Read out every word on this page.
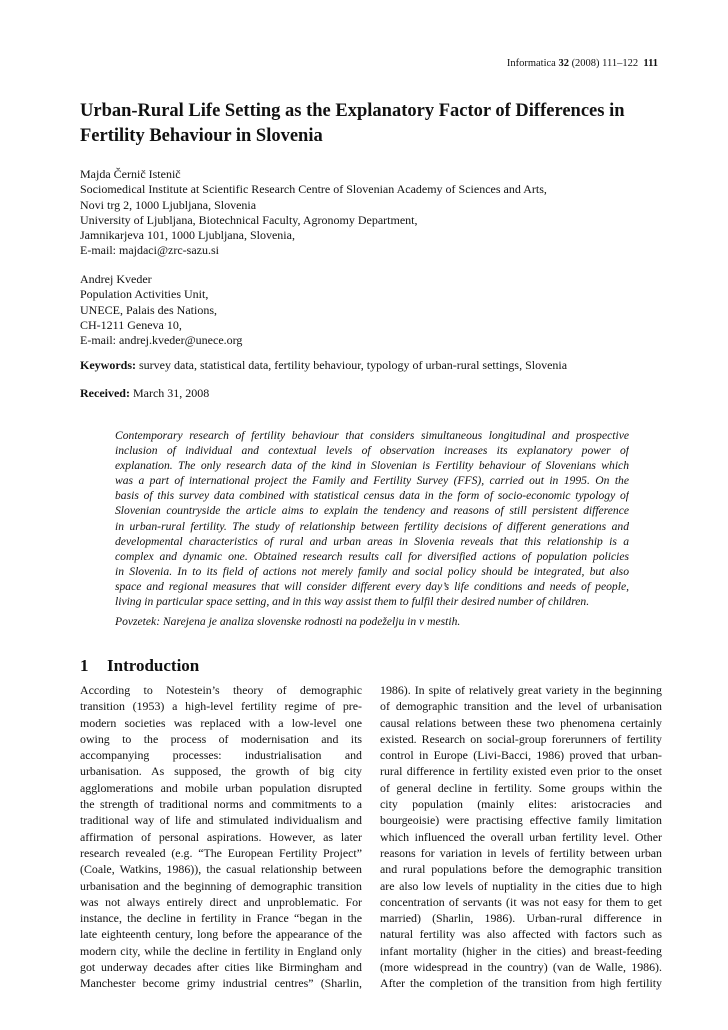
Informatica 32 (2008) 111–122 111
Urban-Rural Life Setting as the Explanatory Factor of Differences in
Fertility Behaviour in Slovenia
Majda Černič Istenič
Sociomedical Institute at Scientific Research Centre of Slovenian Academy of Sciences and Arts,
Novi trg 2, 1000 Ljubljana, Slovenia
University of Ljubljana, Biotechnical Faculty, Agronomy Department,
Jamnikarjeva 101, 1000 Ljubljana, Slovenia,
E-mail: majdaci@zrc-sazu.si
Andrej Kveder
Population Activities Unit,
UNECE, Palais des Nations,
CH-1211 Geneva 10,
E-mail: andrej.kveder@unece.org
Keywords: survey data, statistical data, fertility behaviour, typology of urban-rural settings, Slovenia
Received: March 31, 2008
Contemporary research of fertility behaviour that considers simultaneous longitudinal and prospective
inclusion of individual and contextual levels of observation increases its explanatory power of
explanation. The only research data of the kind in Slovenian is Fertility behaviour of Slovenians which
was a part of international project the Family and Fertility Survey (FFS), carried out in 1995. On the
basis of this survey data combined with statistical census data in the form of socio-economic typology of
Slovenian countryside the article aims to explain the tendency and reasons of still persistent difference
in urban-rural fertility. The study of relationship between fertility decisions of different generations and
developmental characteristics of rural and urban areas in Slovenia reveals that this relationship is a
complex and dynamic one. Obtained research results call for diversified actions of population policies
in Slovenia. In to its field of actions not merely family and social policy should be integrated, but also
space and regional measures that will consider different every day’s life conditions and needs of people,
living in particular space setting, and in this way assist them to fulfil their desired number of children.
Povzetek: Narejena je analiza slovenske rodnosti na podeželju in v mestih.
1 Introduction
According to Notestein’s theory of demographic
transition (1953) a high-level fertility regime of pre-
modern societies was replaced with a low-level one
owing to the process of modernisation and its
accompanying processes: industrialisation and
urbanisation. As supposed, the growth of big city
agglomerations and mobile urban population disrupted
the strength of traditional norms and commitments to a
traditional way of life and stimulated individualism and
affirmation of personal aspirations. However, as later
research revealed (e.g. “The European Fertility Project”
(Coale, Watkins, 1986)), the casual relationship between
urbanisation and the beginning of demographic transition
was not always entirely direct and unproblematic. For
instance, the decline in fertility in France “began in the
late eighteenth century, long before the appearance of the
modern city, while the decline in fertility in England only
got underway decades after cities like Birmingham and
Manchester become grimy industrial centres” (Sharlin,
1986). In spite of relatively great variety in the beginning
of demographic transition and the level of urbanisation
causal relations between these two phenomena certainly
existed. Research on social-group forerunners of fertility
control in Europe (Livi-Bacci, 1986) proved that urban-
rural difference in fertility existed even prior to the onset
of general decline in fertility. Some groups within the
city population (mainly elites: aristocracies and
bourgeoisie) were practising effective family limitation
which influenced the overall urban fertility level. Other
reasons for variation in levels of fertility between urban
and rural populations before the demographic transition
are also low levels of nuptiality in the cities due to high
concentration of servants (it was not easy for them to get
married) (Sharlin, 1986). Urban-rural difference in
natural fertility was also affected with factors such as
infant mortality (higher in the cities) and breast-feeding
(more widespread in the country) (van de Walle, 1986).
After the completion of the transition from high fertility
